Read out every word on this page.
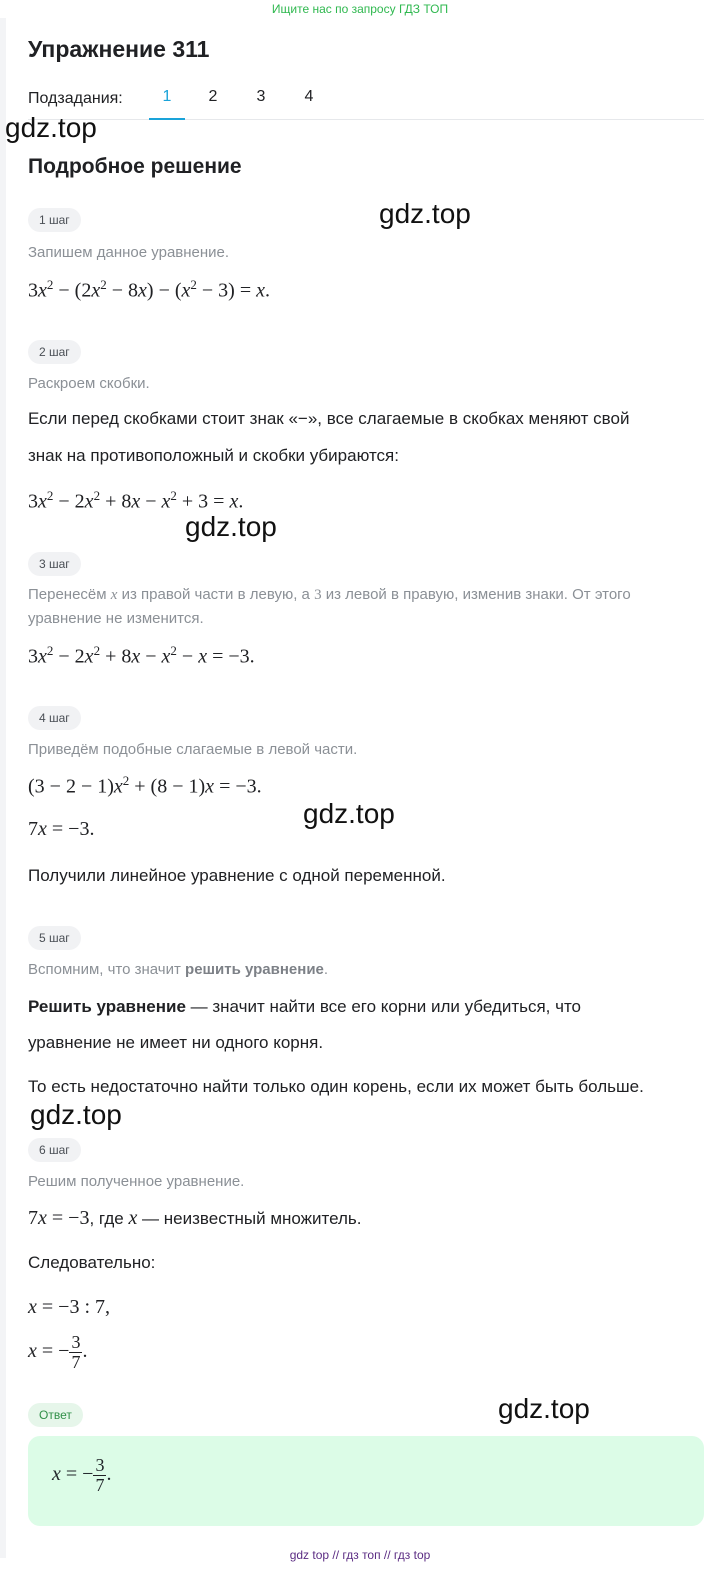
Ищите нас по запросу ГДЗ ТОП
Упражнение 311
Подзадания:	1	2	3	4
Подробное решение
1 шаг

Запишем данное уравнение.

$3x^2 - (2x^2 - 8x) - (x^2 - 3) = x$.
2 шаг

Раскроем скобки.

Если перед скобками стоит знак «−», все слагаемые в скобках меняют свой

знак на противоположный и скобки убираются:

$3x^2 - 2x^2 + 8x - x^2 + 3 = x$.
3 шаг

Перенесём x из правой части в левую, а 3 из левой в правую, изменив знаки. От этого

уравнение не изменится.

$3x^2 - 2x^2 + 8x - x^2 - x = -3$.
4 шаг

Приведём подобные слагаемые в левой части.

$(3 - 2 - 1)x^2 + (8 - 1)x = -3$.
7x = −3.

Получили линейное уравнение с одной переменной.

5 шаг

Вспомним, что значит решить уравнение.

Решить уравнение — значит найти все его корни или убедиться, что

уравнение не имеет ни одного корня.

То есть недостаточно найти только один корень, если их может быть больше.

6 шаг

Решим полученное уравнение.

7x = −3, где x — неизвестный множитель.

Следовательно:

x = −3 : 7,
x = − $\frac{3}{7}$ .
Ответ
x = − $\frac{3}{7}$ .
gdz.top
gdz.top
gdz.top
gdz.top
gdz.top
gdz.top
gdz top // гдз топ // гдз top
